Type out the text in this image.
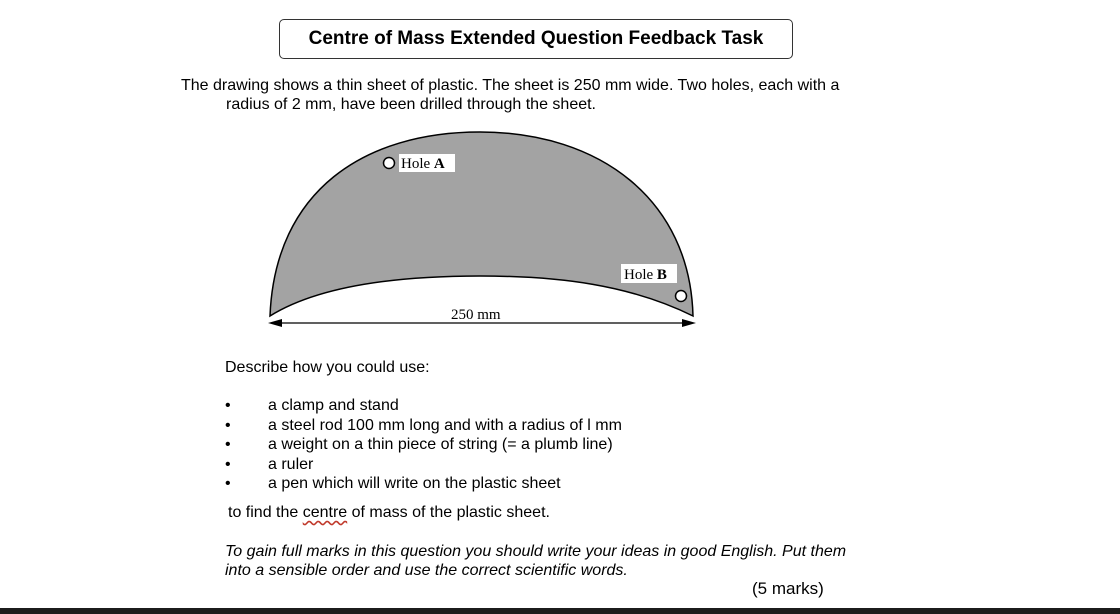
Centre of Mass Extended Question Feedback Task
The drawing shows a thin sheet of plastic. The sheet is 250 mm wide. Two holes, each with a
radius of 2 mm, have been drilled through the sheet.
Hole A
Hole B
250 mm
Describe how you could use:
• a clamp and stand
• a steel rod 100 mm long and with a radius of l mm
• a weight on a thin piece of string (= a plumb line)
• a ruler
• a pen which will write on the plastic sheet
to find the centre of mass of the plastic sheet.
To gain full marks in this question you should write your ideas in good English. Put them
into a sensible order and use the correct scientific words.
(5 marks)
